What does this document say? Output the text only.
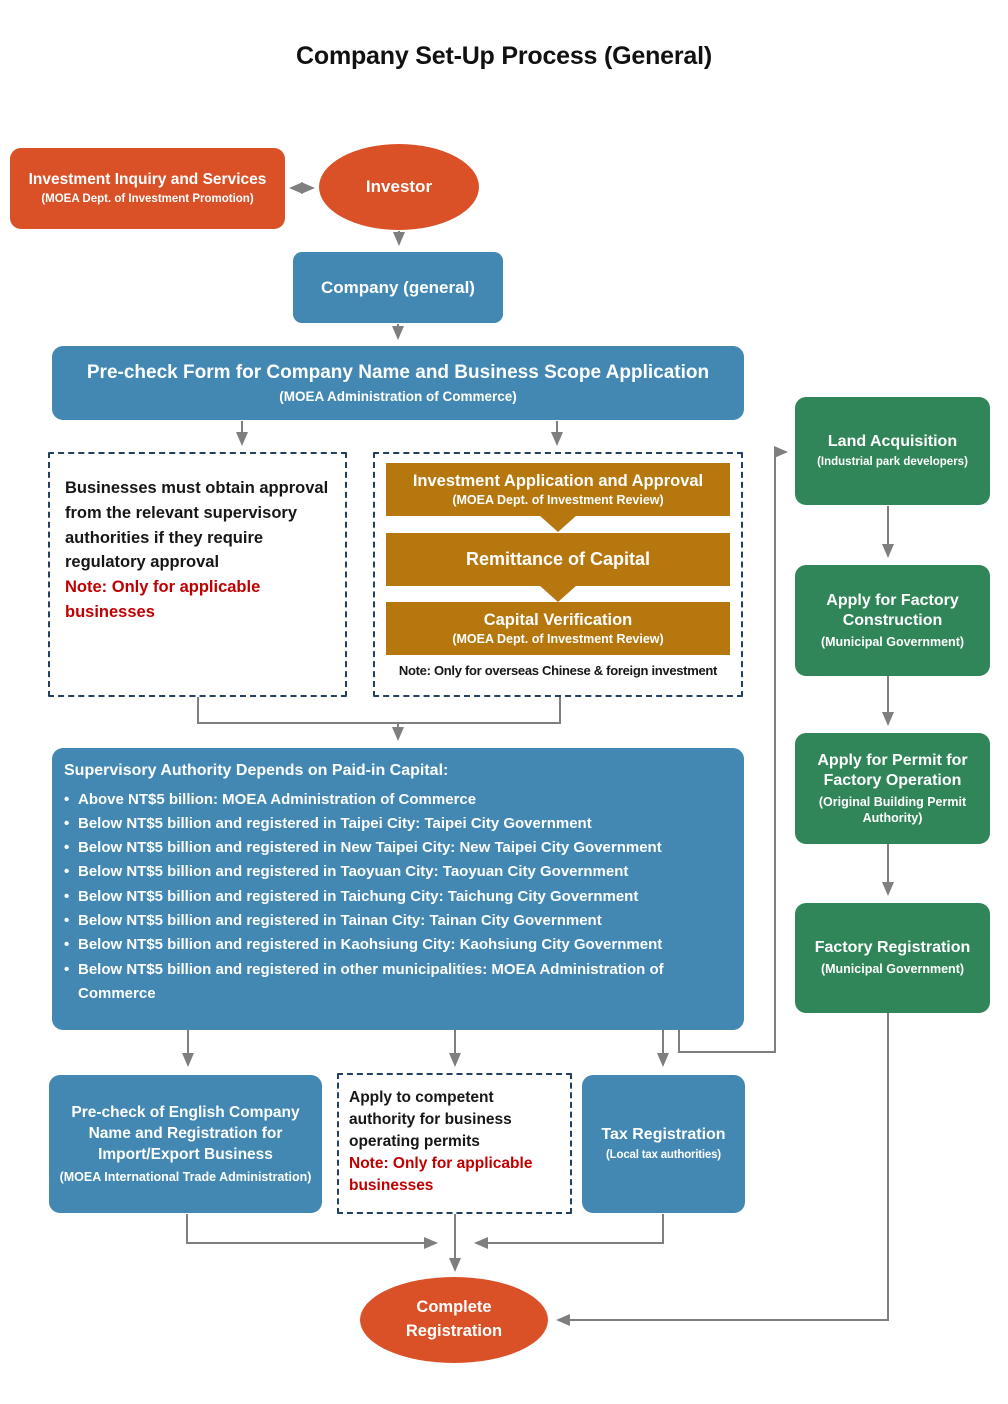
Company Set-Up Process (General)
Investment Inquiry and Services
(MOEA Dept. of Investment Promotion)
Investor
Company (general)
Pre-check Form for Company Name and Business Scope Application
(MOEA Administration of Commerce)
Businesses must obtain approval from the relevant supervisory authorities if they require regulatory approval
Note: Only for applicable businesses
Investment Application and Approval
(MOEA Dept. of Investment Review)
Remittance of Capital
Capital Verification
(MOEA Dept. of Investment Review)
Note: Only for overseas Chinese & foreign investment
Supervisory Authority Depends on Paid-in Capital:
• Above NT$5 billion: MOEA Administration of Commerce
• Below NT$5 billion and registered in Taipei City: Taipei City Government
• Below NT$5 billion and registered in New Taipei City: New Taipei City Government
• Below NT$5 billion and registered in Taoyuan City: Taoyuan City Government
• Below NT$5 billion and registered in Taichung City: Taichung City Government
• Below NT$5 billion and registered in Tainan City: Tainan City Government
• Below NT$5 billion and registered in Kaohsiung City: Kaohsiung City Government
• Below NT$5 billion and registered in other municipalities: MOEA Administration of Commerce
Pre-check of English Company Name and Registration for Import/Export Business
(MOEA International Trade Administration)
Apply to competent authority for business operating permits
Note: Only for applicable businesses
Tax Registration
(Local tax authorities)
Land Acquisition
(Industrial park developers)
Apply for Factory Construction
(Municipal Government)
Apply for Permit for Factory Operation
(Original Building Permit Authority)
Factory Registration
(Municipal Government)
Complete Registration
